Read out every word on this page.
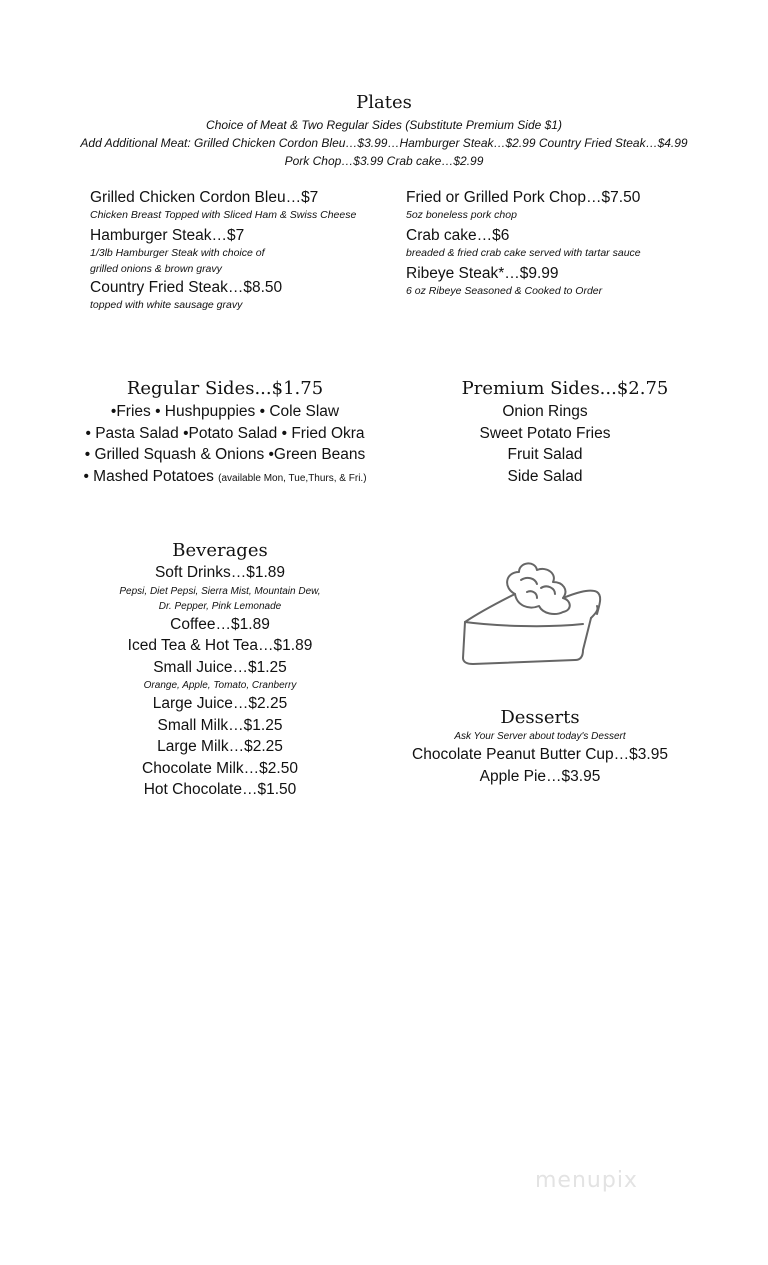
Plates
Choice of Meat & Two Regular Sides (Substitute Premium Side $1)
Add Additional Meat: Grilled Chicken Cordon Bleu…$3.99…Hamburger Steak…$2.99 Country Fried Steak…$4.99
Pork Chop…$3.99 Crab cake…$2.99
Grilled Chicken Cordon Bleu…$7
Chicken Breast Topped with Sliced Ham & Swiss Cheese
Hamburger Steak…$7
1/3lb Hamburger Steak with choice of
grilled onions & brown gravy
Country Fried Steak…$8.50
topped with white sausage gravy
Fried or Grilled Pork Chop…$7.50
5oz boneless pork chop
Crab cake…$6
breaded & fried crab cake served with tartar sauce
Ribeye Steak*…$9.99
6 oz Ribeye Seasoned & Cooked to Order
Regular Sides...$1.75
•Fries • Hushpuppies • Cole Slaw
• Pasta Salad •Potato Salad • Fried Okra
• Grilled Squash & Onions •Green Beans
• Mashed Potatoes (available Mon, Tue,Thurs, & Fri.)
Premium Sides...$2.75
Onion Rings
Sweet Potato Fries
Fruit Salad
Side Salad
Beverages
Soft Drinks…$1.89
Pepsi, Diet Pepsi, Sierra Mist, Mountain Dew,
Dr. Pepper, Pink Lemonade
Coffee…$1.89
Iced Tea & Hot Tea…$1.89
Small Juice…$1.25
Orange, Apple, Tomato, Cranberry
Large Juice…$2.25
Small Milk…$1.25
Large Milk…$2.25
Chocolate Milk…$2.50
Hot Chocolate…$1.50
Desserts
Ask Your Server about today's Dessert
Chocolate Peanut Butter Cup…$3.95
Apple Pie…$3.95
menupix
